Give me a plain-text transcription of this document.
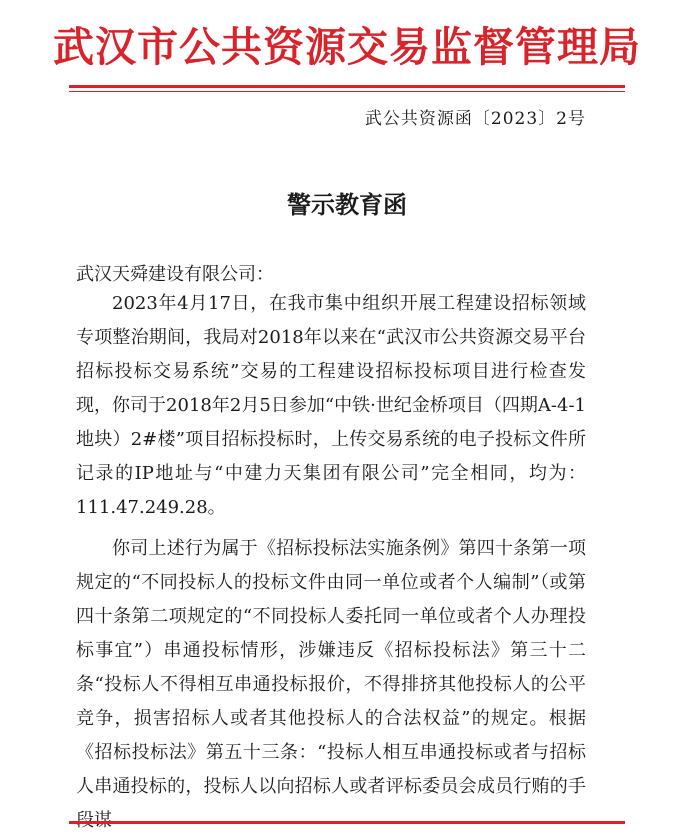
武汉市公共资源交易监督管理局
武公共资源函〔2023〕2号
警示教育函
武汉天舜建设有限公司：

2023年4月17日，在我市集中组织开展工程建设招标领域专项整治期间，我局对2018年以来在“武汉市公共资源交易平台招标投标交易系统”交易的工程建设招标投标项目进行检查发现，你司于2018年2月5日参加“中铁·世纪金桥项目（四期A-4-1地块）2#楼”项目招标投标时，上传交易系统的电子投标文件所记录的IP地址与“中建力天集团有限公司”完全相同，均为：111.47.249.28。

你司上述行为属于《招标投标法实施条例》第四十条第一项规定的“不同投标人的投标文件由同一单位或者个人编制”（或第四十条第二项规定的“不同投标人委托同一单位或者个人办理投标事宜”）串通投标情形，涉嫌违反《招标投标法》第三十二条“投标人不得相互串通投标报价，不得排挤其他投标人的公平竞争，损害招标人或者其他投标人的合法权益”的规定。根据《招标投标法》第五十三条：“投标人相互串通投标或者与招标人串通投标的，投标人以向招标人或者评标委员会成员行贿的手
